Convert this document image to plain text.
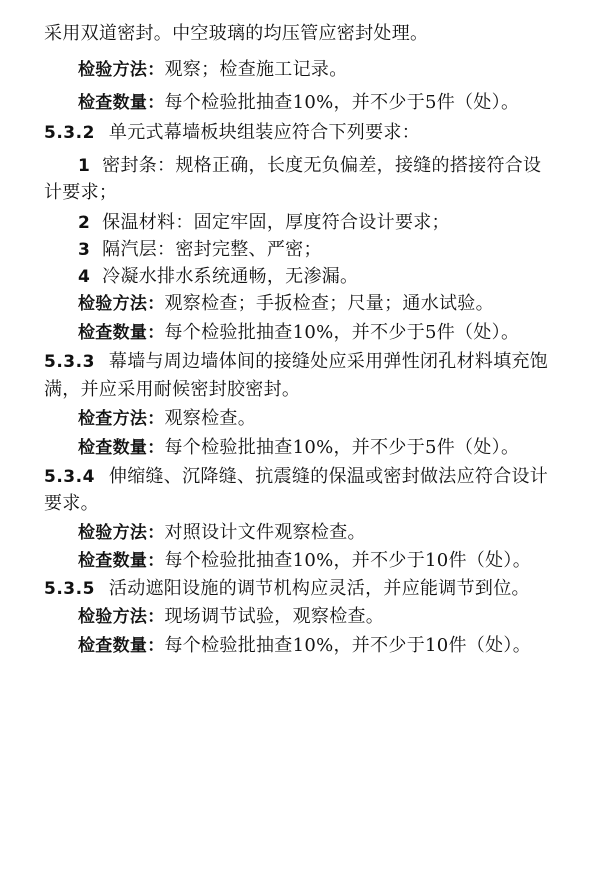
采用双道密封。中空玻璃的均压管应密封处理。
检验方法：观察；检查施工记录。
检查数量：每个检验批抽查10%，并不少于5件（处）。
5.3.2 单元式幕墙板块组装应符合下列要求：
1 密封条：规格正确，长度无负偏差，接缝的搭接符合设
计要求；
2 保温材料：固定牢固，厚度符合设计要求；
3 隔汽层：密封完整、严密；
4 冷凝水排水系统通畅，无渗漏。
检验方法：观察检查；手扳检查；尺量；通水试验。
检查数量：每个检验批抽查10%，并不少于5件（处）。
5.3.3 幕墙与周边墙体间的接缝处应采用弹性闭孔材料填充饱
满，并应采用耐候密封胶密封。
检查方法：观察检查。
检查数量：每个检验批抽查10%，并不少于5件（处）。
5.3.4 伸缩缝、沉降缝、抗震缝的保温或密封做法应符合设计
要求。
检验方法：对照设计文件观察检查。
检查数量：每个检验批抽查10%，并不少于10件（处）。
5.3.5 活动遮阳设施的调节机构应灵活，并应能调节到位。
检验方法：现场调节试验，观察检查。
检查数量：每个检验批抽查10%，并不少于10件（处）。
